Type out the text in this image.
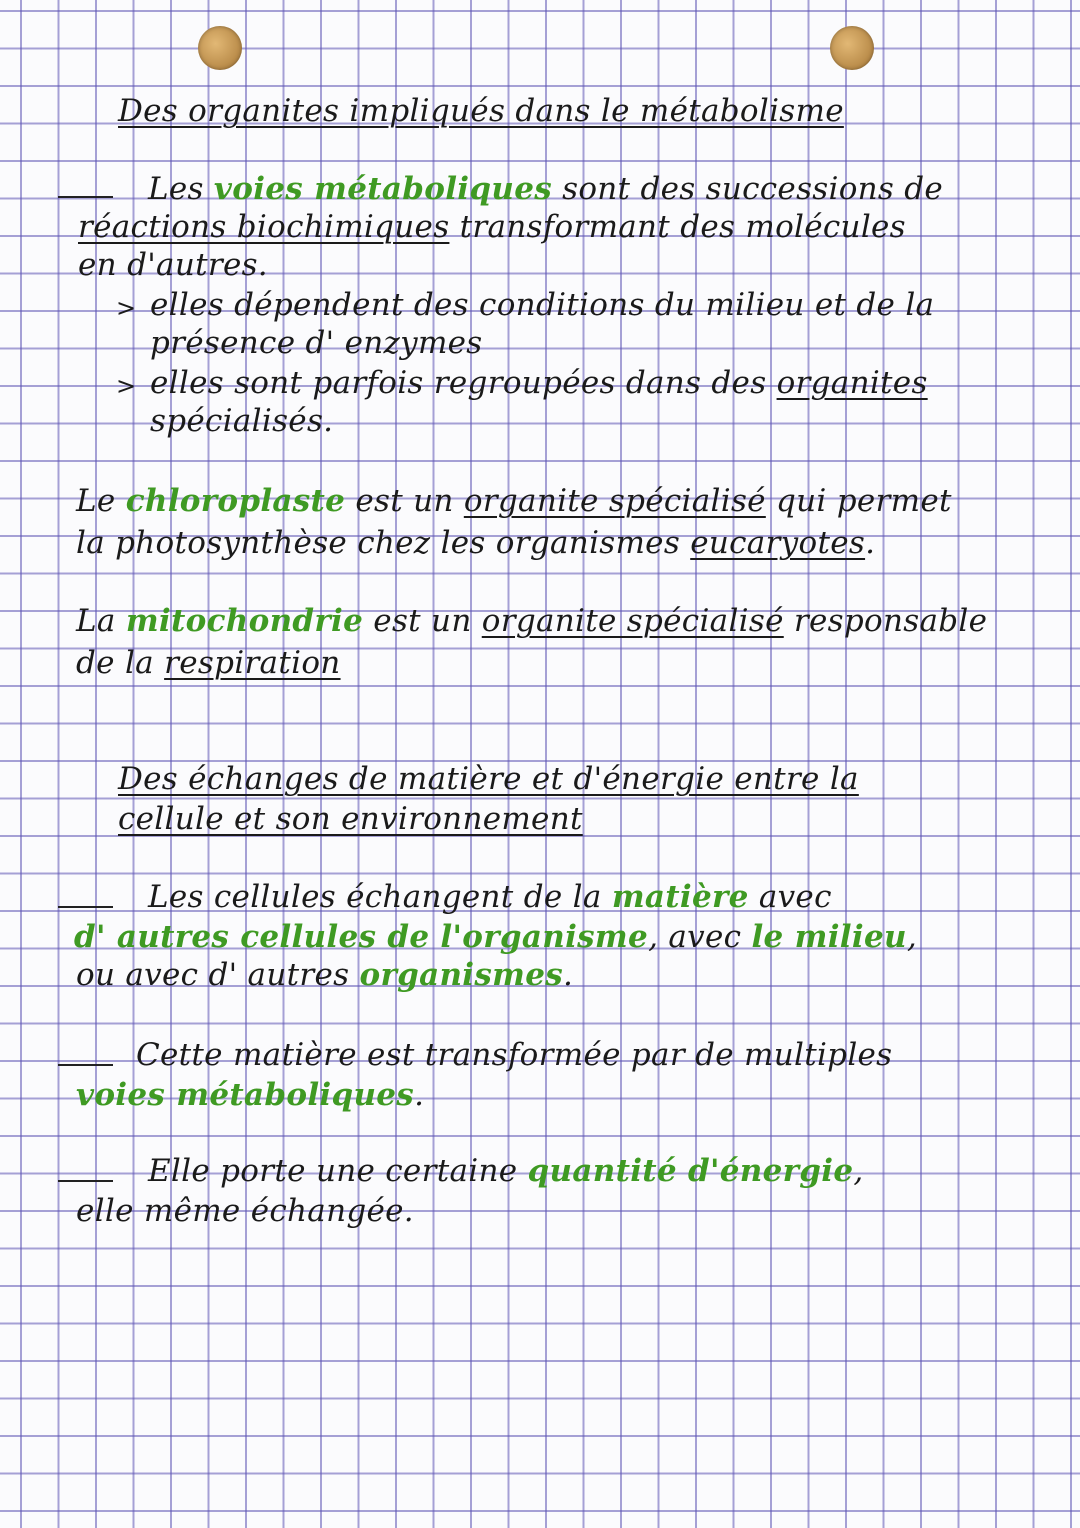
Des organites impliqués dans le métabolisme
Les voies métaboliques sont des successions de
réactions biochimiques transformant des molécules
en d'autres.
> elles dépendent des conditions du milieu et de la
présence d' enzymes
> elles sont parfois regroupées dans des organites
spécialisés.
Le chloroplaste est un organite spécialisé qui permet
la photosynthèse chez les organismes eucaryotes.
La mitochondrie est un organite spécialisé responsable
de la respiration
Des échanges de matière et d'énergie entre la
cellule et son environnement
Les cellules échangent de la matière avec
d' autres cellules de l'organisme, avec le milieu,
ou avec d' autres organismes.
Cette matière est transformée par de multiples
voies métaboliques.
Elle porte une certaine quantité d'énergie,
elle même échangée.
